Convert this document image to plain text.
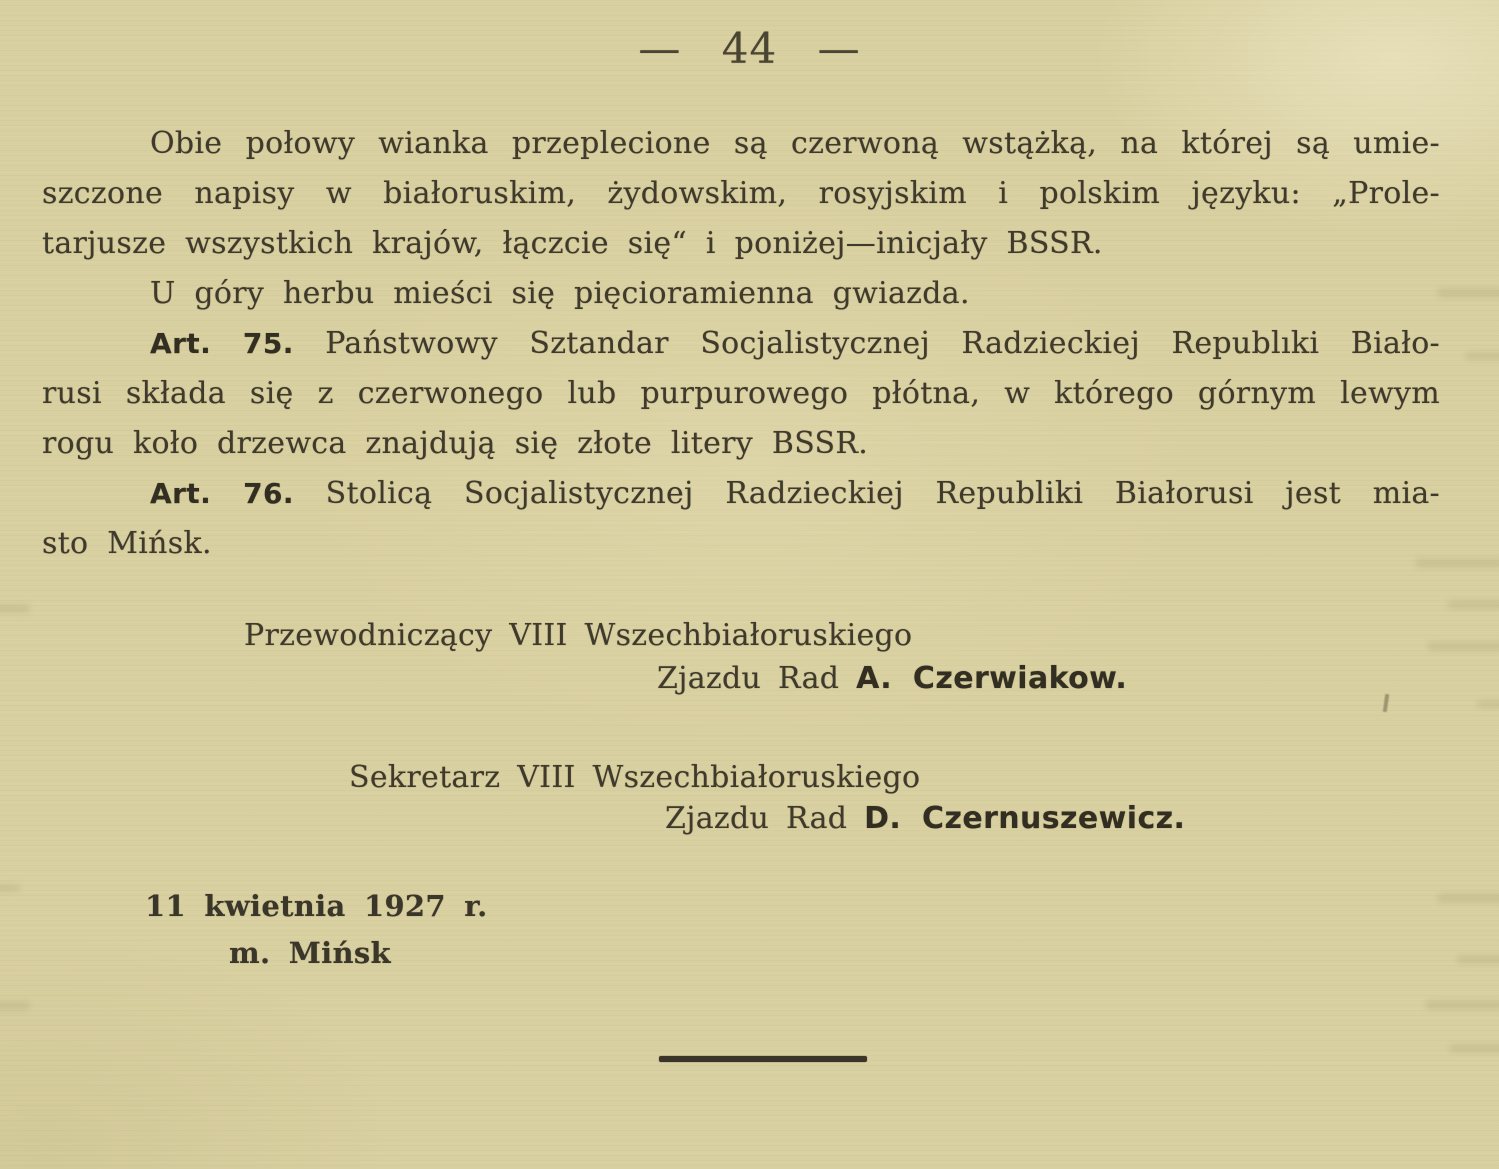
— 44 —
Obie połowy wianka przeplecione są czerwoną wstążką, na której są umie-
szczone napisy w białoruskim, żydowskim, rosyjskim i polskim języku: „Prole-
tarjusze wszystkich krajów, łączcie się“ i poniżej—inicjały BSSR.
U góry herbu mieści się pięcioramienna gwiazda.
Art. 75. Państwowy Sztandar Socjalistycznej Radzieckiej Republıki Biało-
rusi składa się z czerwonego lub purpurowego płótna, w którego górnym lewym
rogu koło drzewca znajdują się złote litery BSSR.
Art. 76. Stolicą Socjalistycznej Radzieckiej Republiki Białorusi jest mia-
sto Mińsk.
Przewodniczący VIII Wszechbiałoruskiego
Zjazdu Rad A. Czerwiakow.
Sekretarz VIII Wszechbiałoruskiego
Zjazdu Rad D. Czernuszewicz.
11 kwietnia 1927 r.
m. Mińsk
